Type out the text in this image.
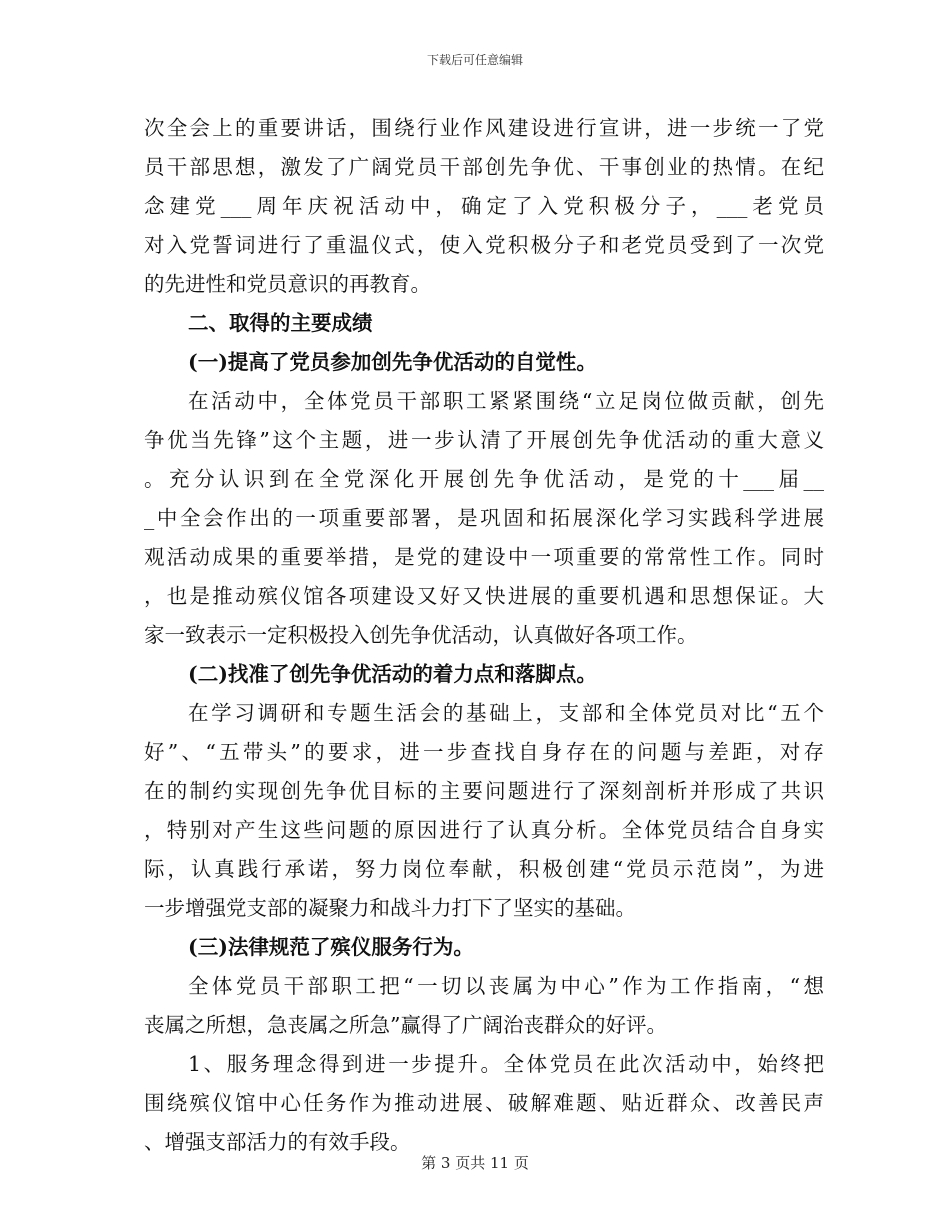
下载后可任意编辑
次全会上的重要讲话，围绕行业作风建设进行宣讲，进一步统一了党
员干部思想，激发了广阔党员干部创先争优、干事创业的热情。在纪
念建党___周年庆祝活动中，确定了入党积极分子，___老党员
对入党誓词进行了重温仪式，使入党积极分子和老党员受到了一次党
的先进性和党员意识的再教育。
二、取得的主要成绩
(一)提高了党员参加创先争优活动的自觉性。
在活动中，全体党员干部职工紧紧围绕“立足岗位做贡献，创先
争优当先锋”这个主题，进一步认清了开展创先争优活动的重大意义
。充分认识到在全党深化开展创先争优活动，是党的十___届__
_中全会作出的一项重要部署，是巩固和拓展深化学习实践科学进展
观活动成果的重要举措，是党的建设中一项重要的常常性工作。同时
，也是推动殡仪馆各项建设又好又快进展的重要机遇和思想保证。大
家一致表示一定积极投入创先争优活动，认真做好各项工作。
(二)找准了创先争优活动的着力点和落脚点。
在学习调研和专题生活会的基础上，支部和全体党员对比“五个
好”、“五带头”的要求，进一步查找自身存在的问题与差距，对存
在的制约实现创先争优目标的主要问题进行了深刻剖析并形成了共识
，特别对产生这些问题的原因进行了认真分析。全体党员结合自身实
际，认真践行承诺，努力岗位奉献，积极创建“党员示范岗”，为进
一步增强党支部的凝聚力和战斗力打下了坚实的基础。
(三)法律规范了殡仪服务行为。
全体党员干部职工把“一切以丧属为中心”作为工作指南，“想
丧属之所想，急丧属之所急”赢得了广阔治丧群众的好评。
1、服务理念得到进一步提升。全体党员在此次活动中，始终把
围绕殡仪馆中心任务作为推动进展、破解难题、贴近群众、改善民声
、增强支部活力的有效手段。
第 3 页共 11 页
